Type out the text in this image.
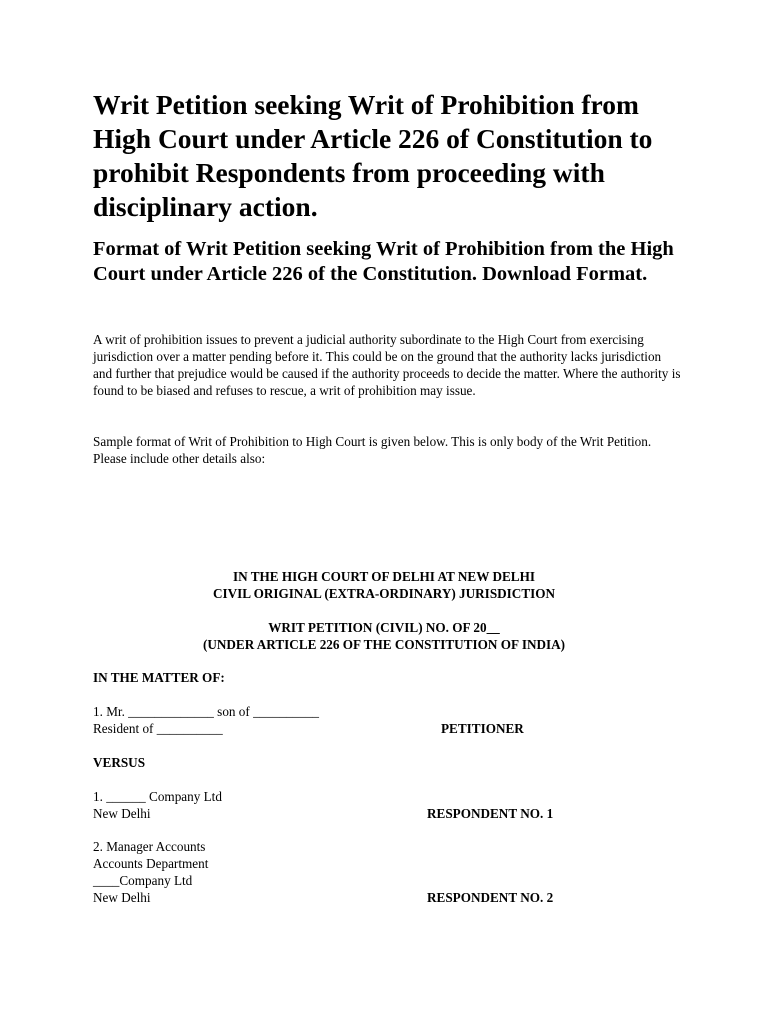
Writ Petition seeking Writ of Prohibition from High Court under Article 226 of Constitution to prohibit Respondents from proceeding with disciplinary action.
Format of Writ Petition seeking Writ of Prohibition from the High Court under Article 226 of the Constitution. Download Format.

A writ of prohibition issues to prevent a judicial authority subordinate to the High Court from exercising jurisdiction over a matter pending before it. This could be on the ground that the authority lacks jurisdiction and further that prejudice would be caused if the authority proceeds to decide the matter. Where the authority is found to be biased and refuses to rescue, a writ of prohibition may issue.

Sample format of Writ of Prohibition to High Court is given below. This is only body of the Writ Petition. Please include other details also:

IN THE HIGH COURT OF DELHI AT NEW DELHI

CIVIL ORIGINAL (EXTRA-ORDINARY) JURISDICTION

WRIT PETITION (CIVIL) NO. OF 20__

(UNDER ARTICLE 226 OF THE CONSTITUTION OF INDIA)

IN THE MATTER OF:

1. Mr. _____________ son of __________

Resident of __________	PETITIONER

VERSUS

1. ______ Company Ltd

New Delhi	RESPONDENT NO. 1

2. Manager Accounts

Accounts Department

____Company Ltd

New Delhi	RESPONDENT NO. 2
